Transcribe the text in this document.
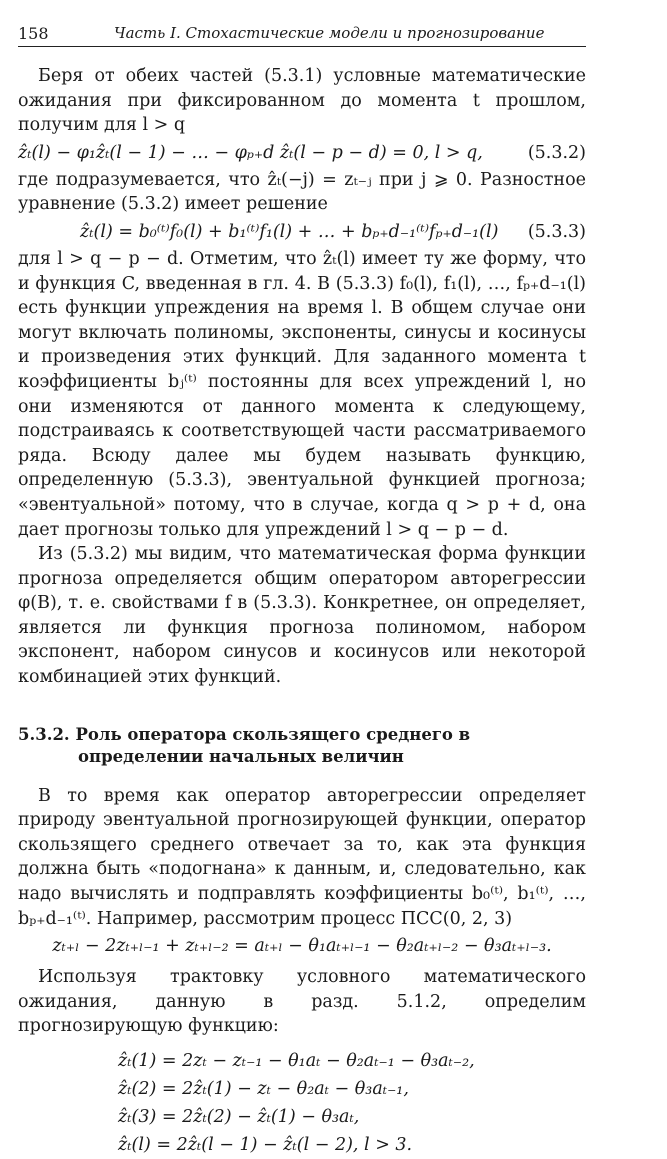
158	Часть I. Стохастические модели и прогнозирование

Беря от обеих частей (5.3.1) условные математические ожидания при фиксированном до момента t прошлом, получим для l > q

ẑₜ(l) − φ₁ẑₜ(l − 1) − … − φₚ₊d ẑₜ(l − p − d) = 0, l > q,	(5.3.2)

где подразумевается, что ẑₜ(−j) = zₜ₋ⱼ при j ⩾ 0. Разностное уравнение (5.3.2) имеет решение

ẑₜ(l) = b₀⁽ᵗ⁾f₀(l) + b₁⁽ᵗ⁾f₁(l) + … + bₚ₊d₋₁⁽ᵗ⁾fₚ₊d₋₁(l) (5.3.3)

для l > q − p − d. Отметим, что ẑₜ(l) имеет ту же форму, что и функция C, введенная в гл. 4. В (5.3.3) f₀(l), f₁(l), …, fₚ₊d₋₁(l) есть функции упреждения на время l. В общем случае они могут включать полиномы, экспоненты, синусы и косинусы и произведения этих функций. Для заданного момента t коэффициенты bⱼ⁽ᵗ⁾ постоянны для всех упреждений l, но они изменяются от данного момента к следующему, подстраиваясь к соответствующей части рассматриваемого ряда. Всюду далее мы будем называть функцию, определенную (5.3.3), эвентуальной функцией прогноза; «эвентуальной» потому, что в случае, когда q > p + d, она дает прогнозы только для упреждений l > q − p − d.

Из (5.3.2) мы видим, что математическая форма функции прогноза определяется общим оператором авторегрессии φ(B), т. е. свойствами f в (5.3.3). Конкретнее, он определяет, является ли функция прогноза полиномом, набором экспонент, набором синусов и косинусов или некоторой комбинацией этих функций.

5.3.2. Роль оператора скользящего среднего в определении начальных величин

В то время как оператор авторегрессии определяет природу эвентуальной прогнозирующей функции, оператор скользящего среднего отвечает за то, как эта функция должна быть «подогнана» к данным, и, следовательно, как надо вычислять и подправлять коэффициенты b₀⁽ᵗ⁾, b₁⁽ᵗ⁾, …, bₚ₊d₋₁⁽ᵗ⁾. Например, рассмотрим процесс ПСС(0, 2, 3)

zₜ₊ₗ − 2zₜ₊ₗ₋₁ + zₜ₊ₗ₋₂ = aₜ₊ₗ − θ₁aₜ₊ₗ₋₁ − θ₂aₜ₊ₗ₋₂ − θ₃aₜ₊ₗ₋₃.

Используя трактовку условного математического ожидания, данную в разд. 5.1.2, определим прогнозирующую функцию:

ẑₜ(1) = 2zₜ − zₜ₋₁ − θ₁aₜ − θ₂aₜ₋₁ − θ₃aₜ₋₂,
ẑₜ(2) = 2ẑₜ(1) − zₜ − θ₂aₜ − θ₃aₜ₋₁,
ẑₜ(3) = 2ẑₜ(2) − ẑₜ(1) − θ₃aₜ,
ẑₜ(l) = 2ẑₜ(l − 1) − ẑₜ(l − 2), l > 3.
